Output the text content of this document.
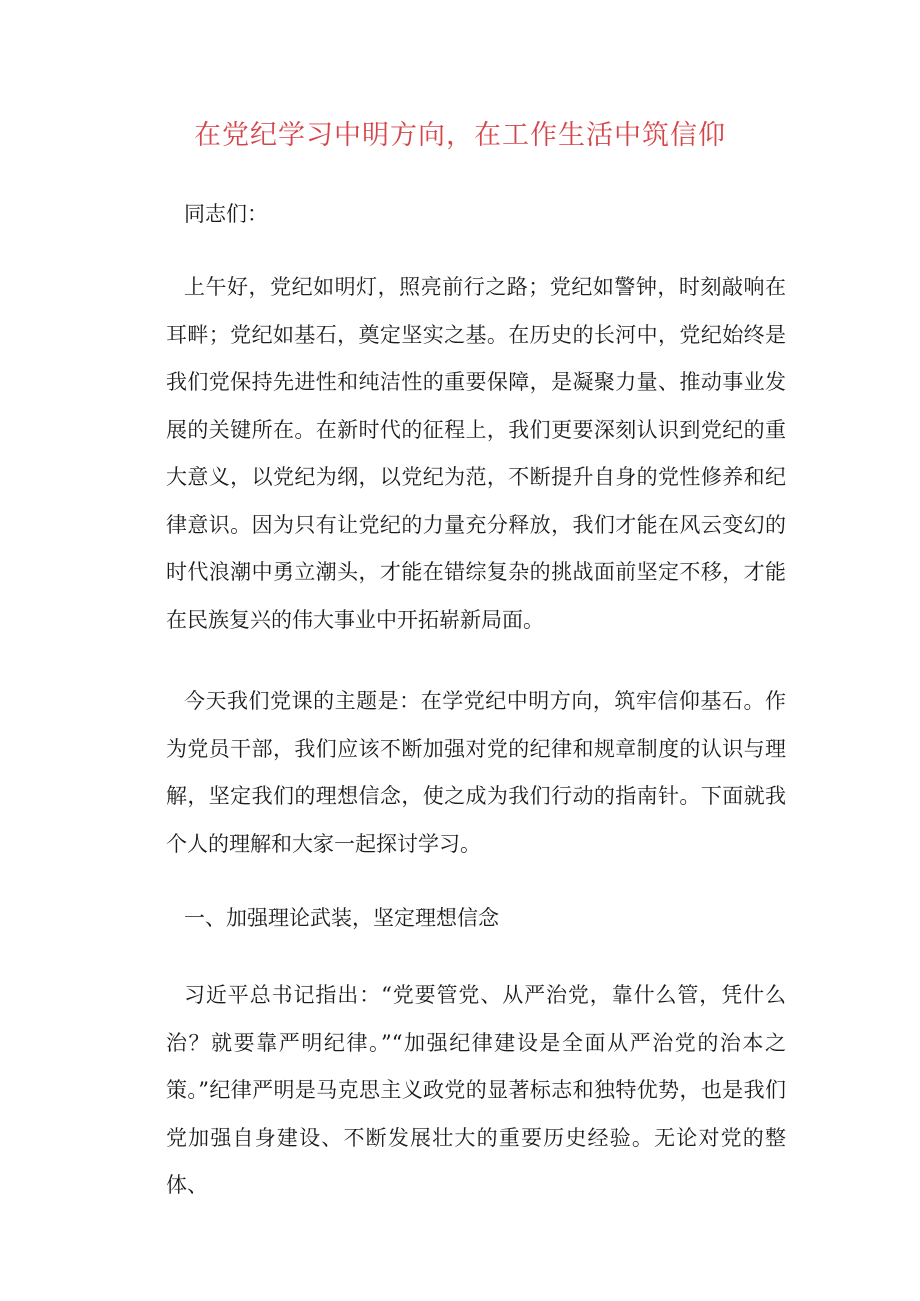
在党纪学习中明方向，在工作生活中筑信仰

同志们：

上午好，党纪如明灯，照亮前行之路；党纪如警钟，时刻敲响在耳畔；党纪如基石，奠定坚实之基。在历史的长河中，党纪始终是我们党保持先进性和纯洁性的重要保障，是凝聚力量、推动事业发展的关键所在。在新时代的征程上，我们更要深刻认识到党纪的重大意义，以党纪为纲，以党纪为范，不断提升自身的党性修养和纪律意识。因为只有让党纪的力量充分释放，我们才能在风云变幻的时代浪潮中勇立潮头，才能在错综复杂的挑战面前坚定不移，才能在民族复兴的伟大事业中开拓崭新局面。

今天我们党课的主题是：在学党纪中明方向，筑牢信仰基石。作为党员干部，我们应该不断加强对党的纪律和规章制度的认识与理解，坚定我们的理想信念，使之成为我们行动的指南针。下面就我个人的理解和大家一起探讨学习。

一、加强理论武装，坚定理想信念

习近平总书记指出：“党要管党、从严治党，靠什么管，凭什么治？就要靠严明纪律。”“加强纪律建设是全面从严治党的治本之策。”纪律严明是马克思主义政党的显著标志和独特优势，也是我们党加强自身建设、不断发展壮大的重要历史经验。无论对党的整体、
